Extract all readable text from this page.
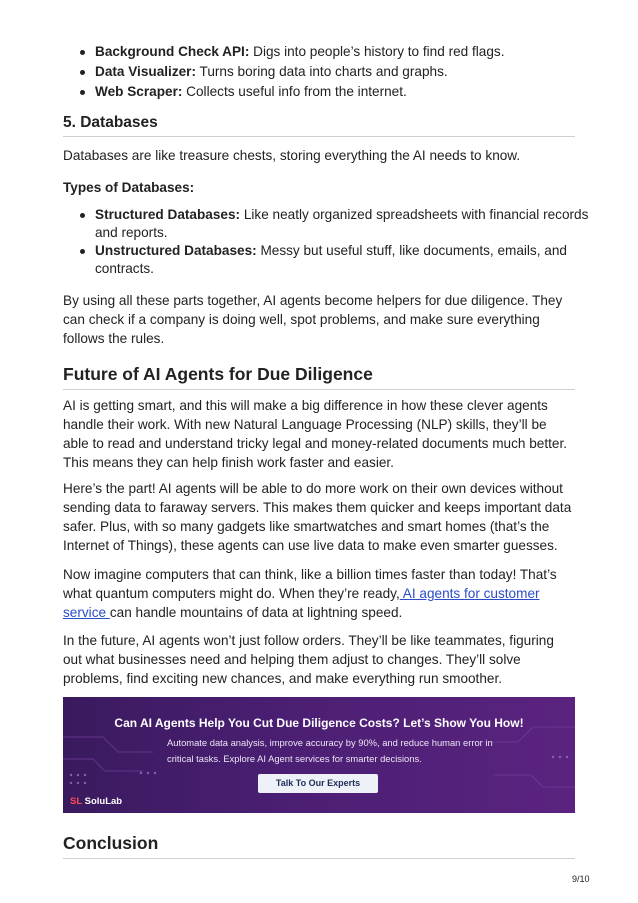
Background Check API: Digs into people’s history to find red flags.
Data Visualizer: Turns boring data into charts and graphs.
Web Scraper: Collects useful info from the internet.
5. Databases

Databases are like treasure chests, storing everything the AI needs to know.

Types of Databases:

Structured Databases: Like neatly organized spreadsheets with financial records and reports.
Unstructured Databases: Messy but useful stuff, like documents, emails, and contracts.

By using all these parts together, AI agents become helpers for due diligence. They can check if a company is doing well, spot problems, and make sure everything follows the rules.

Future of AI Agents for Due Diligence

AI is getting smart, and this will make a big difference in how these clever agents handle their work. With new Natural Language Processing (NLP) skills, they’ll be able to read and understand tricky legal and money-related documents much better. This means they can help finish work faster and easier.

Here’s the part! AI agents will be able to do more work on their own devices without sending data to faraway servers. This makes them quicker and keeps important data safer. Plus, with so many gadgets like smartwatches and smart homes (that’s the Internet of Things), these agents can use live data to make even smarter guesses.

Now imagine computers that can think, like a billion times faster than today! That’s what quantum computers might do. When they’re ready, AI agents for customer service can handle mountains of data at lightning speed.

In the future, AI agents won’t just follow orders. They’ll be like teammates, figuring out what businesses need and helping them adjust to changes. They’ll solve problems, find exciting new chances, and make everything run smoother.

Conclusion
Can AI Agents Help You Cut Due Diligence Costs? Let’s Show You How!
Automate data analysis, improve accuracy by 90%, and reduce human error in critical tasks. Explore AI Agent services for smarter decisions.
Talk To Our Experts
SL SoluLab
9/10
